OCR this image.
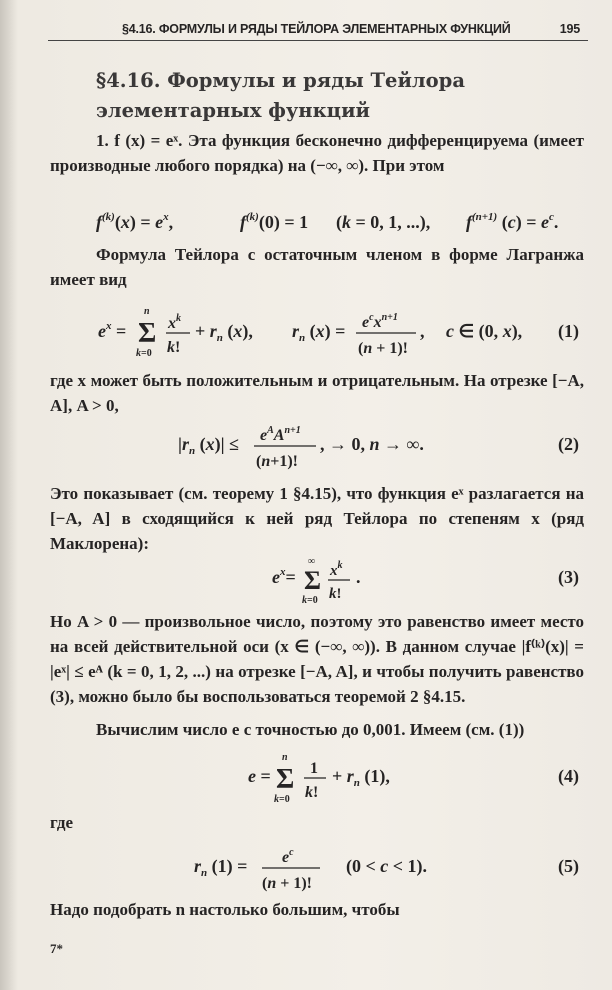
§4.16. ФОРМУЛЫ И РЯДЫ ТЕЙЛОРА ЭЛЕМЕНТАРНЫХ ФУНКЦИЙ	195
§4.16. Формулы и ряды Тейлора
элементарных функций
1. f (x) = eˣ. Эта функция бесконечно дифференцируема (имеет производные любого порядка) на (−∞, ∞). При этом
$f^{(k)}(x) = e^x$,	$f^{(k)}(0) = 1$ (k = 0, 1, ...), $f^{(n+1)}$ $(c) = e^c$.
Формула Тейлора с остаточным членом в форме Лагранжа имеет вид
$e^x = \Sigma$
n
k=0
$x^k$
k!
+ $r_n$ (x), $r_n$ $(x) = e^cx^{n+1}$
(n + 1)!
, c ∈ (0, x), (1)
где x может быть положительным и отрицательным. На отрезке [−A, A], A > 0,
$|r_n$ $(x)| \le e^AA^{n+1}$
(n+1)!
, → 0, n → ∞.	(2)
Это показывает (см. теорему 1 §4.15), что функция eˣ разлагается на [−A, A] в сходящийся к ней ряд Тейлора по степеням x (ряд Маклорена):
$e^x= \Sigma$
∞
k=0
$x^k$
k!
.	(3)
Но A > 0 — произвольное число, поэтому это равенство имеет место на всей действительной оси (x ∈ (−∞, ∞)). В данном случае |f⁽ᵏ⁾(x)| = |eˣ| ≤ eᴬ (k = 0, 1, 2, ...) на отрезке [−A, A], и чтобы получить равенство (3), можно было бы воспользоваться теоремой 2 §4.15.
Вычислим число e с точностью до 0,001. Имеем (см. (1))
e = Σ
n
k=0
1
k!
+ $r_n$ (1),	(4)
где
$r_n$ $(1) = e^c$
(n + 1)!
(0 < c < 1).	(5)
Надо подобрать n настолько большим, чтобы
7*
